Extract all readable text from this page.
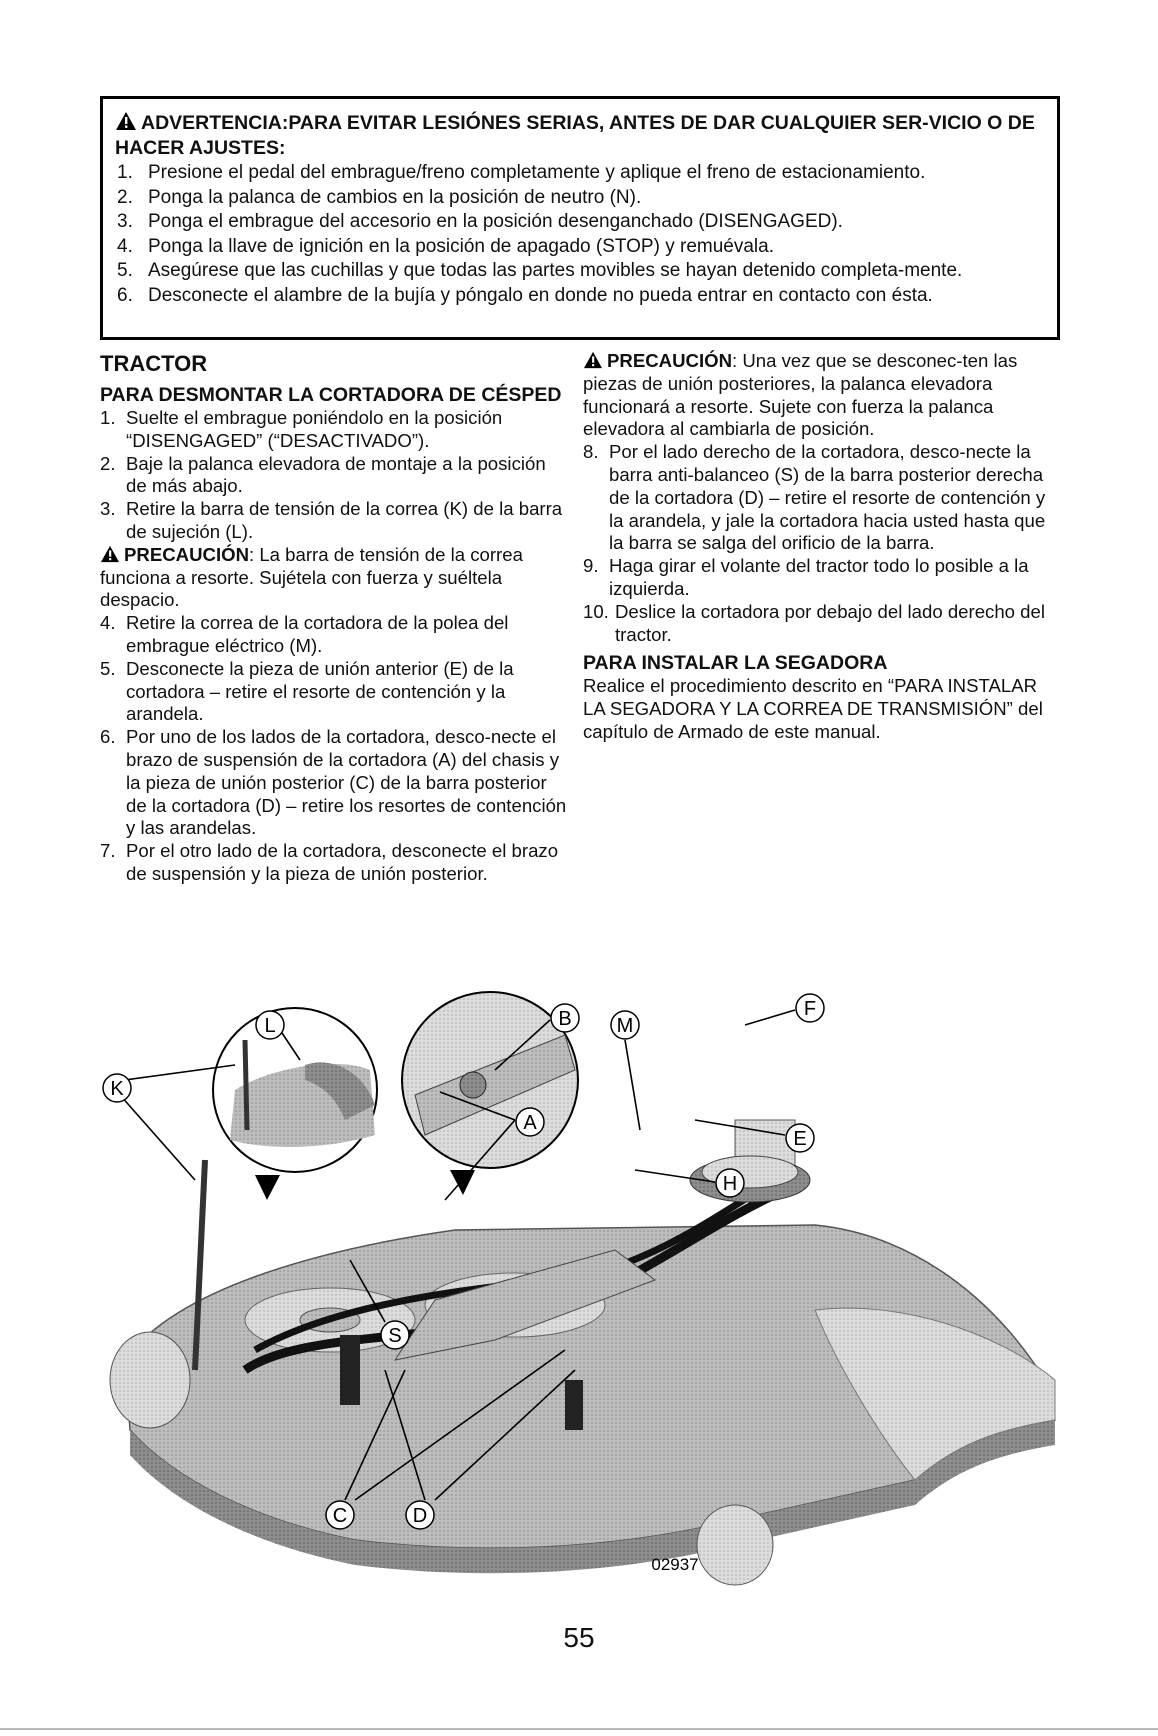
ADVERTENCIA:PARA EVITAR LESIÓNES SERIAS, ANTES DE DAR CUALQUIER SER-VICIO O DE HACER AJUSTES:
1. Presione el pedal del embrague/freno completamente y aplique el freno de estacionamiento.
2. Ponga la palanca de cambios en la posición de neutro (N).
3. Ponga el embrague del accesorio en la posición desenganchado (DISENGAGED).
4. Ponga la llave de ignición en la posición de apagado (STOP) y remuévala.
5. Asegúrese que las cuchillas y que todas las partes movibles se hayan detenido completa-mente.
6. Desconecte el alambre de la bujía y póngalo en donde no pueda entrar en contacto con ésta.
TRACTOR
PARA DESMONTAR LA CORTADORA DE CÉSPED

1. Suelte el embrague poniéndolo en la posición “DISENGAGED” (“DESACTIVADO”).

2. Baje la palanca elevadora de montaje a la posición de más abajo.

3. Retire la barra de tensión de la correa (K) de la barra de sujeción (L).

PRECAUCIÓN: La barra de tensión de la correa funciona a resorte. Sujétela con fuerza y suéltela despacio.

4. Retire la correa de la cortadora de la polea del embrague eléctrico (M).

5. Desconecte la pieza de unión anterior (E) de la cortadora – retire el resorte de contención y la arandela.

6. Por uno de los lados de la cortadora, desco-necte el brazo de suspensión de la cortadora (A) del chasis y la pieza de unión posterior (C) de la barra posterior de la cortadora (D) – retire los resortes de contención y las arandelas.

7. Por el otro lado de la cortadora, desconecte el brazo de suspensión y la pieza de unión posterior.

PRECAUCIÓN: Una vez que se desconec-ten las piezas de unión posteriores, la palanca elevadora funcionará a resorte. Sujete con fuerza la palanca elevadora al cambiarla de posición.

8. Por el lado derecho de la cortadora, desco-necte la barra anti-balanceo (S) de la barra posterior derecha de la cortadora (D) – retire el resorte de contención y la arandela, y jale la cortadora hacia usted hasta que la barra se salga del orificio de la barra.

9. Haga girar el volante del tractor todo lo posible a la izquierda.

10. Deslice la cortadora por debajo del lado derecho del tractor.

PARA INSTALAR LA SEGADORA

Realice el procedimiento descrito en “PARA INSTALAR LA SEGADORA Y LA CORREA DE TRANSMISIÓN” del capítulo de Armado de este manual.

L
K
B M
A
F
E
H
S
C	D
02937
55
